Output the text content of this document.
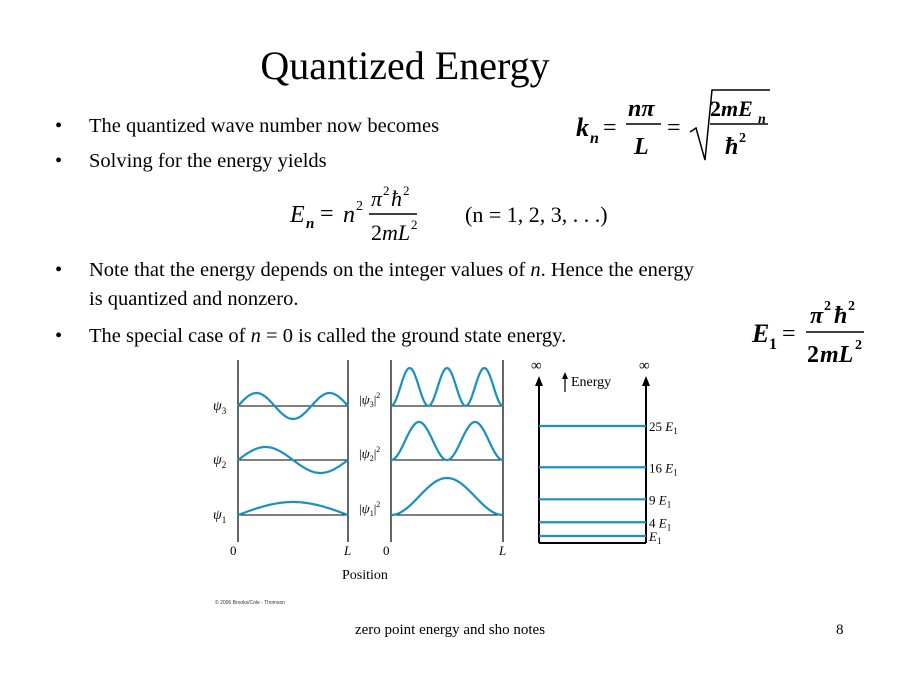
Quantized Energy
• The quantized wave number now becomes
• Solving for the energy yields
• Note that the energy depends on the integer values of n. Hence the energy
is quantized and nonzero.
• The special case of n = 0 is called the ground state energy.
k n =
nπ
L
=
2 mE n
ħ 2
E n = n 2 π 2 ħ 2
2 mL 2 (n = 1, 2, 3, . . .)
E 1 =
π 2 ħ 2
2 mL 2
$\psi_3$
$\psi_2$
$\psi_1$
0	L
$|\psi_3|^2$
$|\psi_2|^2$
$|\psi_1|^2$
0	L
Position
∞	∞
Energy
25 $E_1$
16 $E_1$
9 $E_1$
4 $E_1$
$E_1$
© 2006 Brooks/Cole - Thomson
zero point energy and sho notes	8
